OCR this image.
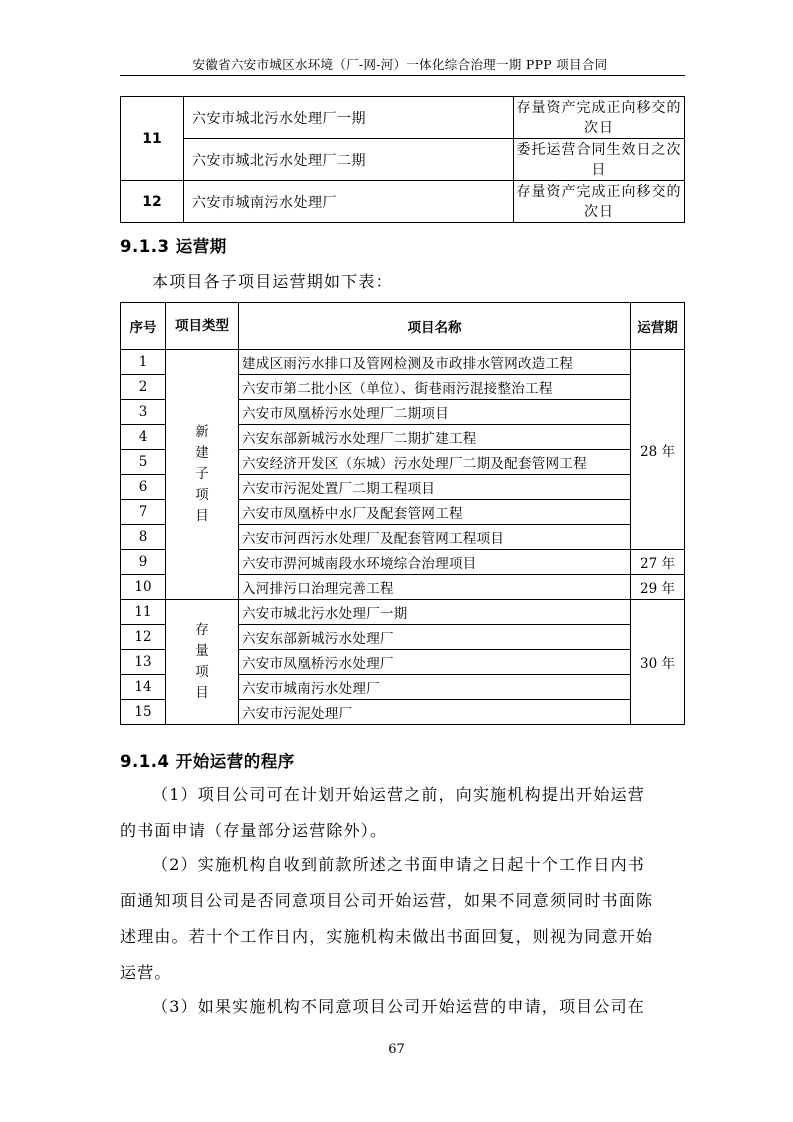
安徽省六安市城区水环境（厂-网-河）一体化综合治理一期 PPP 项目合同
11	六安市城北污水处理厂一期	存量资产完成正向移交的次日
	六安市城北污水处理厂二期	委托运营合同生效日之次日
12	六安市城南污水处理厂	存量资产完成正向移交的次日
9.1.3 运营期
本项目各子项目运营期如下表：
序号	项目类型	项目名称	运营期
1	新建子项目	建成区雨污水排口及管网检测及市政排水管网改造工程	28 年
2		六安市第二批小区（单位）、街巷雨污混接整治工程	
3		六安市凤凰桥污水处理厂二期项目	
4		六安东部新城污水处理厂二期扩建工程	
5		六安经济开发区（东城）污水处理厂二期及配套管网工程	
6		六安市污泥处置厂二期工程项目	
7		六安市凤凰桥中水厂及配套管网工程	
8		六安市河西污水处理厂及配套管网工程项目	
9		六安市淠河城南段水环境综合治理项目	27 年
10		入河排污口治理完善工程	29 年
11	存量项目	六安市城北污水处理厂一期	30 年
12		六安东部新城污水处理厂	
13		六安市凤凰桥污水处理厂	
14		六安市城南污水处理厂	
15		六安市污泥处理厂	
9.1.4 开始运营的程序
（1）项目公司可在计划开始运营之前，向实施机构提出开始运营
的书面申请（存量部分运营除外）。
（2）实施机构自收到前款所述之书面申请之日起十个工作日内书
面通知项目公司是否同意项目公司开始运营，如果不同意须同时书面陈
述理由。若十个工作日内，实施机构未做出书面回复，则视为同意开始
运营。
（3）如果实施机构不同意项目公司开始运营的申请，项目公司在
67
